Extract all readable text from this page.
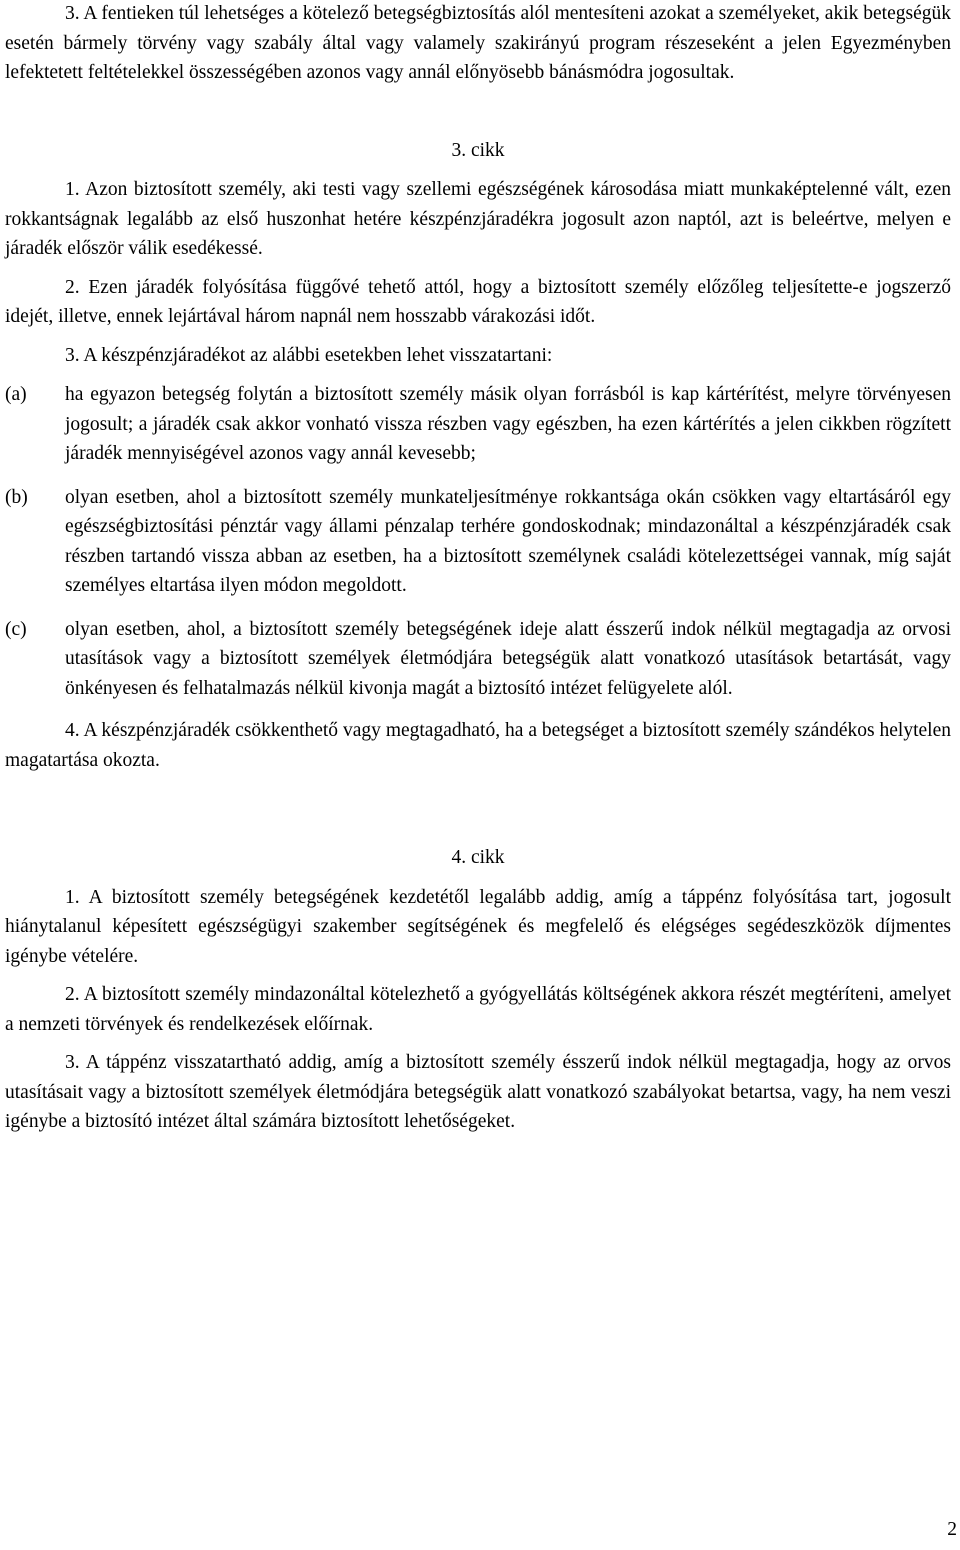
3. A fentieken túl lehetséges a kötelező betegségbiztosítás alól mentesíteni azokat a személyeket, akik betegségük esetén bármely törvény vagy szabály által vagy valamely szakirányú program részeseként a jelen Egyezményben lefektetett feltételekkel összességében azonos vagy annál előnyösebb bánásmódra jogosultak.

3. cikk

1. Azon biztosított személy, aki testi vagy szellemi egészségének károsodása miatt munkaképtelenné vált, ezen rokkantságnak legalább az első huszonhat hetére készpénzjáradékra jogosult azon naptól, azt is beleértve, melyen e járadék először válik esedékessé.

2. Ezen járadék folyósítása függővé tehető attól, hogy a biztosított személy előzőleg teljesítette-e jogszerző idejét, illetve, ennek lejártával három napnál nem hosszabb várakozási időt.

3. A készpénzjáradékot az alábbi esetekben lehet visszatartani:

(a)	ha egyazon betegség folytán a biztosított személy másik olyan forrásból is kap kártérítést, melyre törvényesen jogosult; a járadék csak akkor vonható vissza részben vagy egészben, ha ezen kártérítés a jelen cikkben rögzített járadék mennyiségével azonos vagy annál kevesebb;
(b)	olyan esetben, ahol a biztosított személy munkateljesítménye rokkantsága okán csökken vagy eltartásáról egy egészségbiztosítási pénztár vagy állami pénzalap terhére gondoskodnak; mindazonáltal a készpénzjáradék csak részben tartandó vissza abban az esetben, ha a biztosított személynek családi kötelezettségei vannak, míg saját személyes eltartása ilyen módon megoldott.
(c)	olyan esetben, ahol, a biztosított személy betegségének ideje alatt ésszerű indok nélkül megtagadja az orvosi utasítások vagy a biztosított személyek életmódjára betegségük alatt vonatkozó utasítások betartását, vagy önkényesen és felhatalmazás nélkül kivonja magát a biztosító intézet felügyelete alól.

4. A készpénzjáradék csökkenthető vagy megtagadható, ha a betegséget a biztosított személy szándékos helytelen magatartása okozta.

4. cikk

1. A biztosított személy betegségének kezdetétől legalább addig, amíg a táppénz folyósítása tart, jogosult hiánytalanul képesített egészségügyi szakember segítségének és megfelelő és elégséges segédeszközök díjmentes igénybe vételére.

2. A biztosított személy mindazonáltal kötelezhető a gyógyellátás költségének akkora részét megtéríteni, amelyet a nemzeti törvények és rendelkezések előírnak.

3. A táppénz visszatartható addig, amíg a biztosított személy ésszerű indok nélkül megtagadja, hogy az orvos utasításait vagy a biztosított személyek életmódjára betegségük alatt vonatkozó szabályokat betartsa, vagy, ha nem veszi igénybe a biztosító intézet által számára biztosított lehetőségeket.

2
